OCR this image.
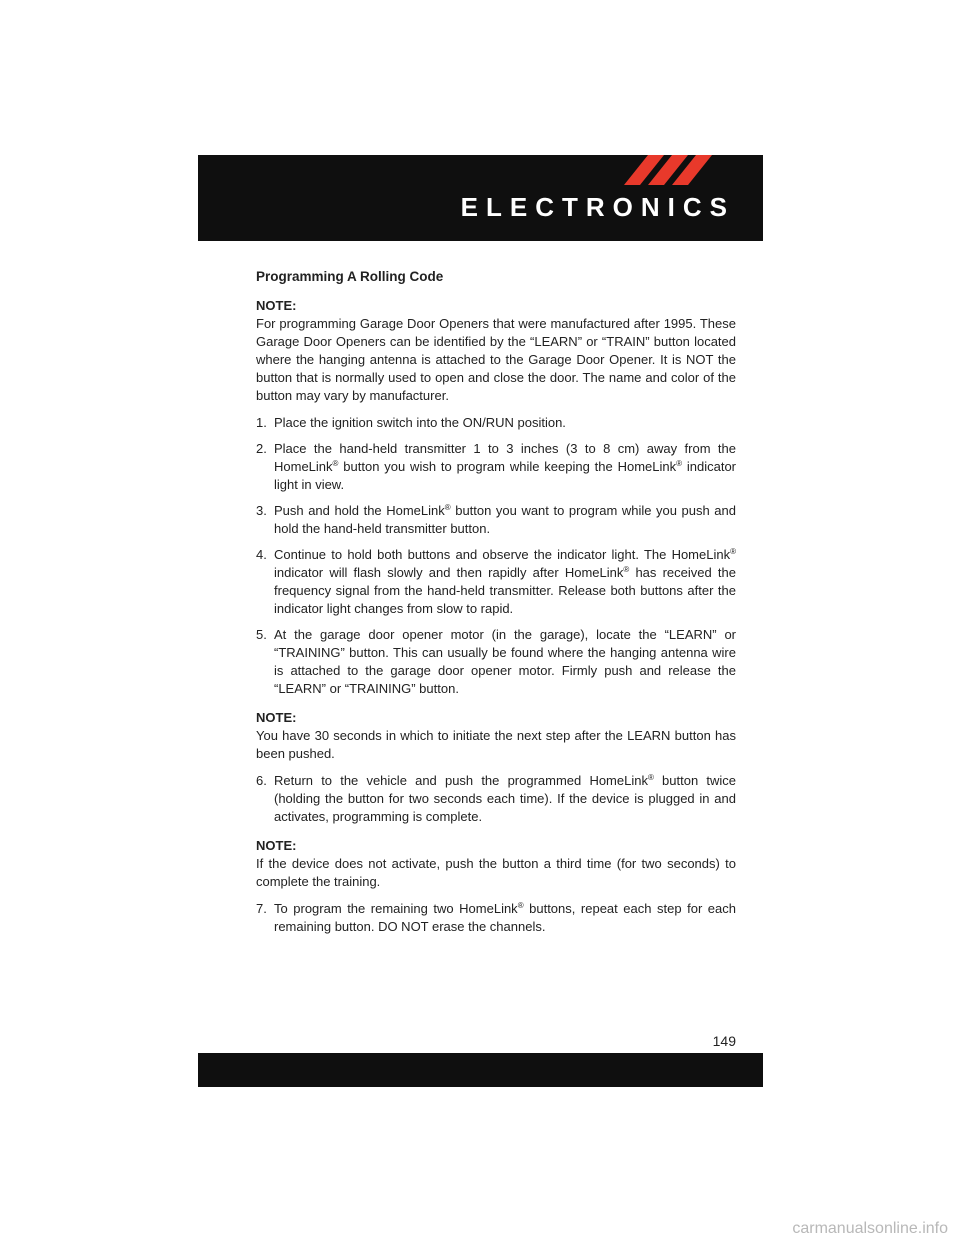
ELECTRONICS

Programming A Rolling Code

NOTE:

For programming Garage Door Openers that were manufactured after 1995. These Garage Door Openers can be identified by the “LEARN” or “TRAIN” button located where the hanging antenna is attached to the Garage Door Opener. It is NOT the button that is normally used to open and close the door. The name and color of the button may vary by manufacturer.

1. Place the ignition switch into the ON/RUN position.
2. Place the hand-held transmitter 1 to 3 inches (3 to 8 cm) away from the HomeLink® button you wish to program while keeping the HomeLink® indicator light in view.
3. Push and hold the HomeLink® button you want to program while you push and hold the hand-held transmitter button.
4. Continue to hold both buttons and observe the indicator light. The HomeLink® indicator will flash slowly and then rapidly after HomeLink® has received the frequency signal from the hand-held transmitter. Release both buttons after the indicator light changes from slow to rapid.
5. At the garage door opener motor (in the garage), locate the “LEARN” or “TRAINING” button. This can usually be found where the hanging antenna wire is attached to the garage door opener motor. Firmly push and release the “LEARN” or “TRAINING” button.

NOTE:

You have 30 seconds in which to initiate the next step after the LEARN button has been pushed.

6. Return to the vehicle and push the programmed HomeLink® button twice (holding the button for two seconds each time). If the device is plugged in and activates, programming is complete.

NOTE:

If the device does not activate, push the button a third time (for two seconds) to complete the training.

7. To program the remaining two HomeLink® buttons, repeat each step for each remaining button. DO NOT erase the channels.
149
carmanualsonline.info
